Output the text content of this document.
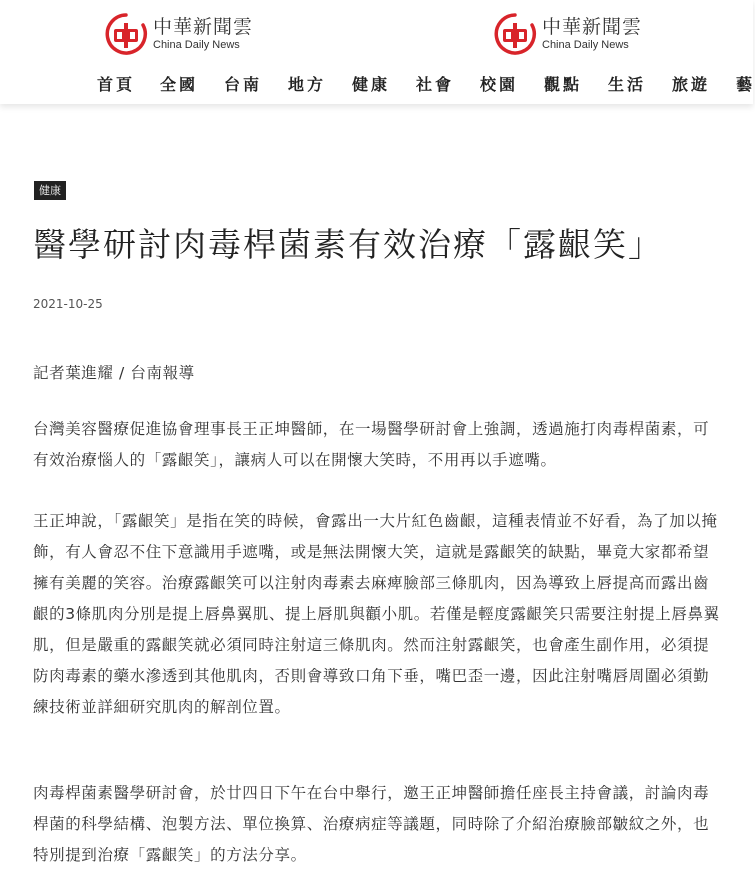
中華新聞雲
China Daily News
中華新聞雲
China Daily News
首頁 全國 台南 地方 健康 社會 校園 觀點 生活 旅遊 藝
健康
醫學研討肉毒桿菌素有效治療「露齦笑」
2021-10-25

記者葉進耀 / 台南報導

台灣美容醫療促進協會理事長王正坤醫師，在一場醫學研討會上強調，透過施打肉毒桿菌素，可有效治療惱人的「露齦笑」，讓病人可以在開懷大笑時，不用再以手遮嘴。

王正坤說，「露齦笑」是指在笑的時候，會露出一大片紅色齒齦，這種表情並不好看，為了加以掩飾，有人會忍不住下意識用手遮嘴，或是無法開懷大笑，這就是露齦笑的缺點，畢竟大家都希望擁有美麗的笑容。治療露齦笑可以注射肉毒素去麻痺臉部三條肌肉，因為導致上唇提高而露出齒齦的3條肌肉分別是提上唇鼻翼肌、提上唇肌與顴小肌。若僅是輕度露齦笑只需要注射提上唇鼻翼肌，但是嚴重的露齦笑就必須同時注射這三條肌肉。然而注射露齦笑，也會產生副作用，必須提防肉毒素的藥水滲透到其他肌肉，否則會導致口角下垂，嘴巴歪一邊，因此注射嘴唇周圍必須勤練技術並詳細研究肌肉的解剖位置。

肉毒桿菌素醫學研討會，於廿四日下午在台中舉行，邀王正坤醫師擔任座長主持會議，討論肉毒桿菌的科學結構、泡製方法、單位換算、治療病症等議題，同時除了介紹治療臉部皺紋之外，也特別提到治療「露齦笑」的方法分享。
